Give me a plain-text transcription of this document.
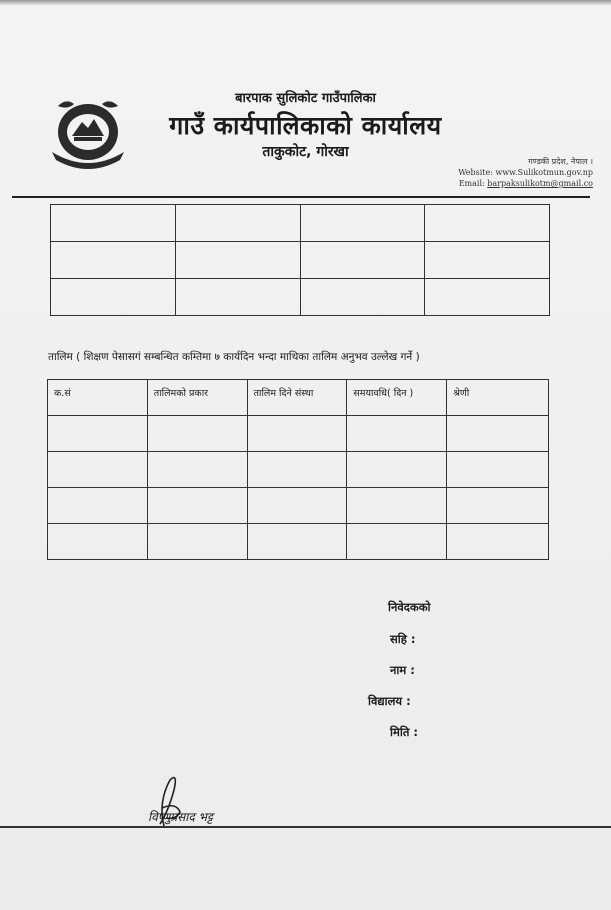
बारपाक सुलिकोट गाउँपालिका
गाउँ कार्यपालिकाको कार्यालय
ताकुकोट, गोरखा
गण्डकी प्रदेश, नेपाल ।
Website: www.Sulikotmun.gov.np
Email: barpaksulikotm@gmail.co

तालिम ( शिक्षण पेसासगं सम्बन्धित कम्तिमा ७ कार्यदिन भन्दा माथिका तालिम अनुभव उल्लेख गर्ने )
क.सं	तालिमको प्रकार	तालिम दिने संस्था	समयावधि( दिन )	श्रेणी

निवेदकको
सहि :
नाम :
विद्यालय :
मिति :
विष्णुप्रसाद भट्ट
